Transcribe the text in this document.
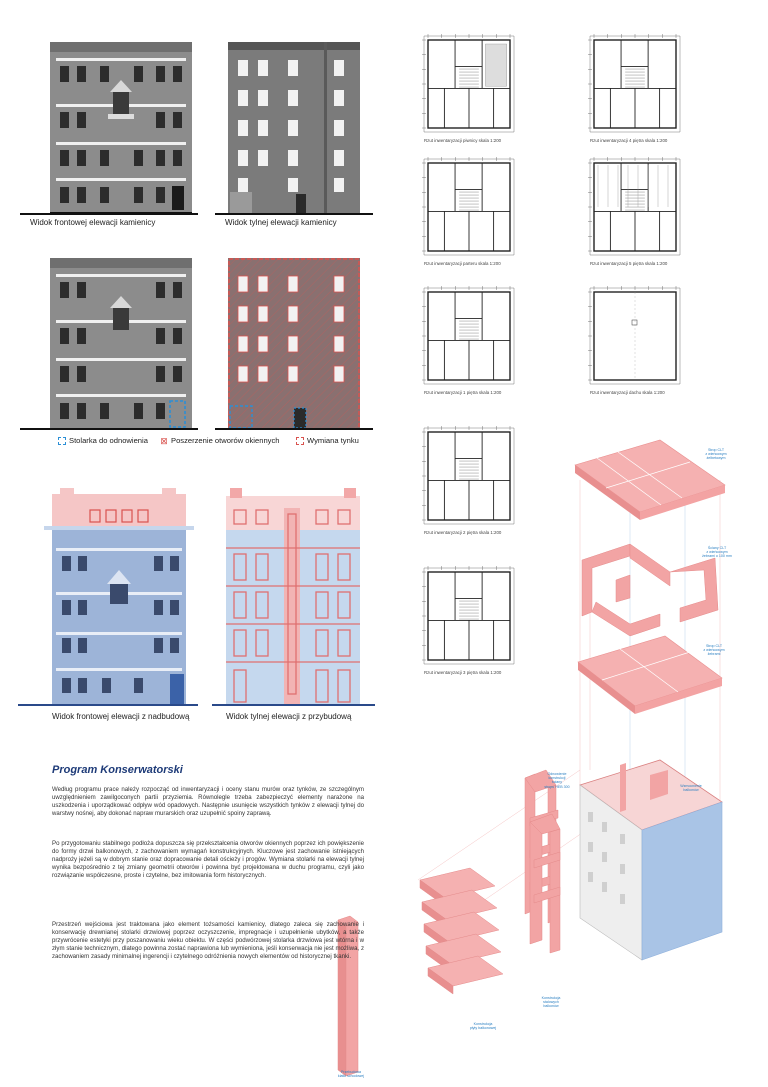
Widok frontowej elewacji kamienicy	Widok tylnej elewacji kamienicy
Stolarka do odnowienia ⊠ Poszerzenie otworów okiennych	Wymiana tynku
Widok frontowej elewacji z nadbudową	Widok tylnej elewacji z przybudową
Rzut inwentaryzacji piwnicy skala 1:200	Rzut inwentaryzacji 4 piętra skala 1:200
Rzut inwentaryzacji parteru skala 1:200	Rzut inwentaryzacji 5 piętra skala 1:200
Rzut inwentaryzacji 1 piętra skala 1:200	Rzut inwentaryzacji dachu skala 1:200
Rzut inwentaryzacji 2 piętra skala 1:200
Rzut inwentaryzacji 3 piętra skala 1:200
Strop CLT
z wieńcowym
żelbetowym
Ściany CLT
z wieńcowym
žebrami o 100 mm
Strop CLT
z wieńcowym
žebrami
Odnowienie
konstrukcji
ściany
stropu HEB 300	Wzmocnienie
balkonów
Konstrukcja
stalowych
balkonów
Konstrukcja
płyty balkonowej
Przebudowa
klatki schodowej
Program Konserwatorski
Według programu prace należy rozpocząć od inwentaryzacji i oceny stanu murów oraz tynków, ze szczególnym uwzględnieniem zawilgoconych partii przyziemia. Równolegle trzeba zabezpieczyć elementy narażone na uszkodzenia i uporządkować odpływ wód opadowych. Następnie usunięcie wszystkich tynków z elewacji tylnej do warstwy nośnej, aby dokonać napraw murarskich oraz uzupełnić spoiny zaprawą.
Po przygotowaniu stabilnego podłoża dopuszcza się przekształcenia otworów okiennych poprzez ich powiększenie do formy drzwi balkonowych, z zachowaniem wymagań konstrukcyjnych. Kluczowe jest zachowanie istniejących nadproży jeżeli są w dobrym stanie oraz dopracowanie detali ościeży i progów. Wymiana stolarki na elewacji tylnej wynika bezpośrednio z tej zmiany geometrii otworów i powinna być projektowana w duchu programu, czyli jako rozwiązanie współczesne, proste i czytelne, bez imitowania form historycznych.
Przestrzeń wejściowa jest traktowana jako element tożsamości kamienicy, dlatego zaleca się zachowanie i konserwację drewnianej stolarki drzwiowej poprzez oczyszczenie, impregnacje i uzupełnienie ubytków, a także przywrócenie estetyki przy poszanowaniu wieku obiektu. W części podwórzowej stolarka drzwiowa jest wtórna i w złym stanie technicznym, dlatego powinna zostać naprawiona lub wymieniona, jeśli konserwacja nie jest możliwa, z zachowaniem zasady minimalnej ingerencji i czytelnego odróżnienia nowych elementów od historycznej tkanki.
